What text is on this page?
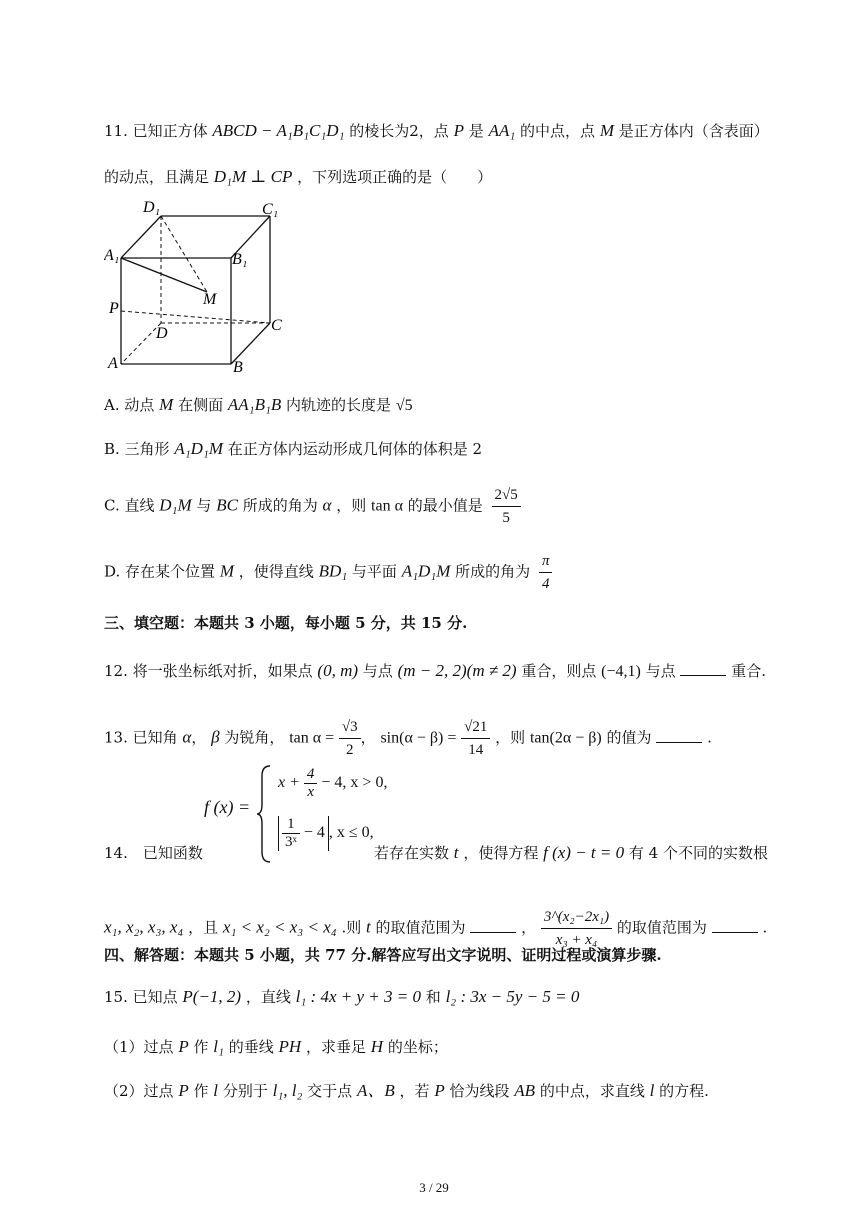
11. 已知正方体 ABCD − A₁B₁C₁D₁ 的棱长为2，点 P 是 AA₁ 的中点，点 M 是正方体内（含表面）
的动点，且满足 D₁M ⊥ CP ，下列选项正确的是（　　）
D₁	C₁
A₁	B₁
M
P
D	C
A	B
A. 动点 M 在侧面 AA₁B₁B 内轨迹的长度是 √5
B. 三角形 A₁D₁M 在正方体内运动形成几何体的体积是 2
C. 直线 D₁M 与 BC 所成的角为 α ，则 tan α 的最小值是 $\frac{2√5}{5}$
D. 存在某个位置 M ，使得直线 BD₁ 与平面 A₁D₁M 所成的角为 $\frac{\pi}{4}$
三、填空题：本题共 3 小题，每小题 5 分，共 15 分.
12. 将一张坐标纸对折，如果点 (0, m) 与点 (m − 2, 2)(m ≠ 2) 重合，则点 (−4,1) 与点	重合.
13. 已知角 α， β 为锐角， $\tan \alpha = \frac{√3}{2}$ ， $\sin(\alpha - \beta) = \frac{√21}{14}$ ，则 tan(2α − β) 的值为	.
f (x) =
$x + \frac{4}{x} - 4$, x > 0,
$\frac{1}{\text{3ˣ}} - 4$ , x ≤ 0,
14.　已知函数	若存在实数 t ，使得方程 f (x) − t = 0 有 4 个不同的实数根
x₁, x₂, x₃, x₄ ，且 x₁ < x₂ < x₃ < x₄ .则 t 的取值范围为	， $\frac{\text{3\textasciicircum{}(x₂−2x₁)}}{\text{x₃ + x₄}}$ 的取值范围为	.
四、解答题：本题共 5 小题，共 77 分.解答应写出文字说明、证明过程或演算步骤.
15. 已知点 P(−1, 2) ，直线 l₁ : 4x + y + 3 = 0 和 l₂ : 3x − 5y − 5 = 0
（1）过点 P 作 l₁ 的垂线 PH ，求垂足 H 的坐标；
（2）过点 P 作 l 分别于 l₁, l₂ 交于点 A、B ，若 P 恰为线段 AB 的中点，求直线 l 的方程.
3 / 29
